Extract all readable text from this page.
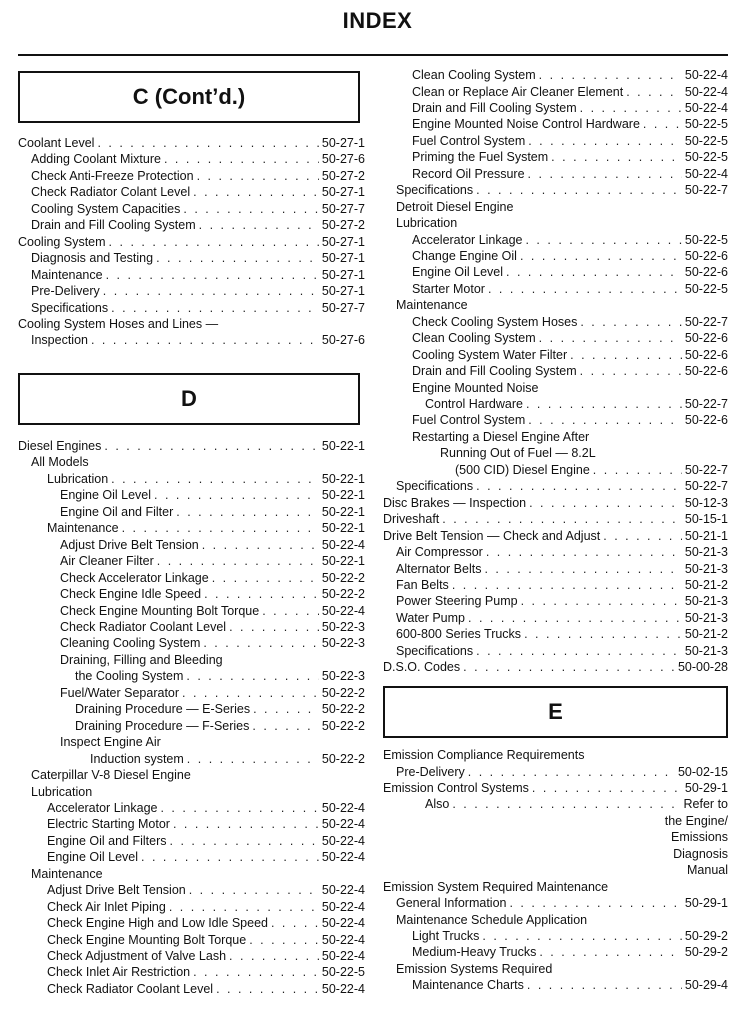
INDEX
C (Cont’d.)
D
Coolant Level . . .	50-27-1
Adding Coolant Mixture . . .	50-27-6
Check Anti-Freeze Protection . . .	50-27-2
Check Radiator Colant Level . . .	50-27-1
Cooling System Capacities . . .	50-27-7
Drain and Fill Cooling System . . .	50-27-2
Cooling System . . .	50-27-1
Diagnosis and Testing . . .	50-27-1
Maintenance . . .	50-27-1
Pre-Delivery . . .	50-27-1
Specifications . . .	50-27-7
Cooling System Hoses and Lines —
Inspection . . .	50-27-6
Diesel Engines . . .	50-22-1
All Models
Lubrication . . .	50-22-1
Engine Oil Level . . .	50-22-1
Engine Oil and Filter . . .	50-22-1
Maintenance . . .	50-22-1
Adjust Drive Belt Tension . . .	50-22-4
Air Cleaner Filter . . .	50-22-1
Check Accelerator Linkage . . .	50-22-2
Check Engine Idle Speed . . .	50-22-2
Check Engine Mounting Bolt Torque . . .	50-22-4
Check Radiator Coolant Level . . .	50-22-3
Cleaning Cooling System . . .	50-22-3
Draining, Filling and Bleeding
the Cooling System . . .	50-22-3
Fuel/Water Separator . . .	50-22-2
Draining Procedure — E-Series . . .	50-22-2
Draining Procedure — F-Series . . .	50-22-2
Inspect Engine Air
Induction system . . .	50-22-2
Caterpillar V-8 Diesel Engine
Lubrication
Accelerator Linkage . . .	50-22-4
Electric Starting Motor . . .	50-22-4
Engine Oil and Filters . . .	50-22-4
Engine Oil Level . . .	50-22-4
Maintenance
Adjust Drive Belt Tension . . .	50-22-4
Check Air Inlet Piping . . .	50-22-4
Check Engine High and Low Idle Speed . . .	50-22-4
Check Engine Mounting Bolt Torque . . .	50-22-4
Check Adjustment of Valve Lash . . .	50-22-4
Check Inlet Air Restriction . . .	50-22-5
Check Radiator Coolant Level . . .	50-22-4
E
Clean Cooling System . . .	50-22-4
Clean or Replace Air Cleaner Element . . .	50-22-4
Drain and Fill Cooling System . . .	50-22-4
Engine Mounted Noise Control Hardware . . .	50-22-5
Fuel Control System . . .	50-22-5
Priming the Fuel System . . .	50-22-5
Record Oil Pressure . . .	50-22-4
Specifications . . .	50-22-7
Detroit Diesel Engine
Lubrication
Accelerator Linkage . . .	50-22-5
Change Engine Oil . . .	50-22-6
Engine Oil Level . . .	50-22-6
Starter Motor . . .	50-22-5
Maintenance
Check Cooling System Hoses . . .	50-22-7
Clean Cooling System . . .	50-22-6
Cooling System Water Filter . . .	50-22-6
Drain and Fill Cooling System . . .	50-22-6
Engine Mounted Noise
Control Hardware . . .	50-22-7
Fuel Control System . . .	50-22-6
Restarting a Diesel Engine After
Running Out of Fuel — 8.2L
(500 CID) Diesel Engine . . .	50-22-7
Specifications . . .	50-22-7
Disc Brakes — Inspection . . .	50-12-3
Driveshaft . . .	50-15-1
Drive Belt Tension — Check and Adjust . . .	50-21-1
Air Compressor . . .	50-21-3
Alternator Belts . . .	50-21-3
Fan Belts . . .	50-21-2
Power Steering Pump . . .	50-21-3
Water Pump . . .	50-21-3
600-800 Series Trucks . . .	50-21-2
Specifications . . .	50-21-3
D.S.O. Codes . . .	50-00-28
Emission Compliance Requirements
Pre-Delivery . . .	50-02-15
Emission Control Systems . . .	50-29-1
Also . . .	Refer to
the Engine/
Emissions
Diagnosis
Manual
Emission System Required Maintenance
General Information . . .	50-29-1
Maintenance Schedule Application
Light Trucks . . .	50-29-2
Medium-Heavy Trucks . . .	50-29-2
Emission Systems Required
Maintenance Charts . . .	50-29-4
